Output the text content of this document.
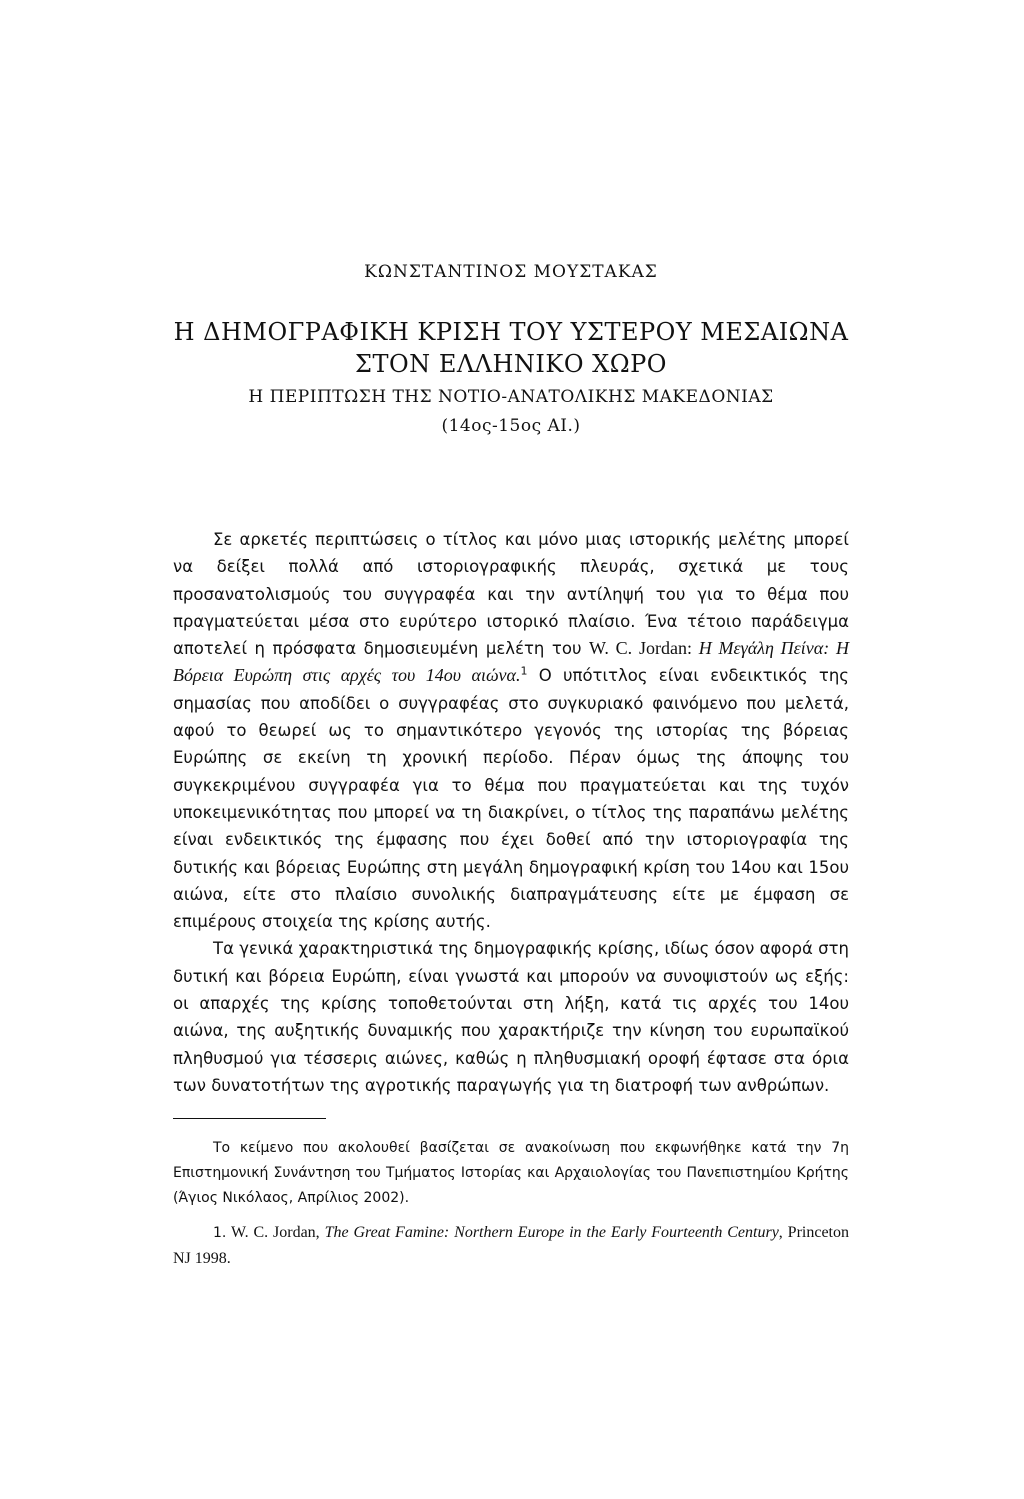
ΚΩΝΣΤΑΝΤΙΝΟΣ ΜΟΥΣΤΑΚΑΣ
Η ΔΗΜΟΓΡΑΦΙΚΗ ΚΡΙΣΗ ΤΟΥ ΥΣΤΕΡΟΥ ΜΕΣΑΙΩΝΑ
ΣΤΟΝ ΕΛΛΗΝΙΚΟ ΧΩΡΟ
Η ΠΕΡΙΠΤΩΣΗ ΤΗΣ ΝΟΤΙΟ-ΑΝΑΤΟΛΙΚΗΣ ΜΑΚΕΔΟΝΙΑΣ
(14ος-15ος ΑΙ.)

Σε αρκετές περιπτώσεις ο τίτλος και μόνο μιας ιστορικής μελέτης μπορεί να δείξει πολλά από ιστοριογραφικής πλευράς, σχετικά με τους προσανατολισμούς του συγγραφέα και την αντίληψή του για το θέμα που πραγματεύεται μέσα στο ευρύτερο ιστορικό πλαίσιο. Ένα τέτοιο παράδειγμα αποτελεί η πρόσφατα δημοσιευμένη μελέτη του W. C. Jordan: Η Μεγάλη Πείνα: Η Βόρεια Ευρώπη στις αρχές του 14ου αιώνα.$^1$ Ο υπότιτλος είναι ενδεικτικός της σημασίας που αποδίδει ο συγγραφέας στο συγκυριακό φαινόμενο που μελετά, αφού το θεωρεί ως το σημαντικότερο γεγονός της ιστορίας της βόρειας Ευρώπης σε εκείνη τη χρονική περίοδο. Πέραν όμως της άποψης του συγκεκριμένου συγγραφέα για το θέμα που πραγματεύεται και της τυχόν υποκειμενικότητας που μπορεί να τη διακρίνει, ο τίτλος της παραπάνω μελέτης είναι ενδεικτικός της έμφασης που έχει δοθεί από την ιστοριογραφία της δυτικής και βόρειας Ευρώπης στη μεγάλη δημογραφική κρίση του 14ου και 15ου αιώνα, είτε στο πλαίσιο συνολικής διαπραγμάτευσης είτε με έμφαση σε επιμέρους στοιχεία της κρίσης αυτής.

Τα γενικά χαρακτηριστικά της δημογραφικής κρίσης, ιδίως όσον αφορά στη δυτική και βόρεια Ευρώπη, είναι γνωστά και μπορούν να συνοψιστούν ως εξής: οι απαρχές της κρίσης τοποθετούνται στη λήξη, κατά τις αρχές του 14ου αιώνα, της αυξητικής δυναμικής που χαρακτήριζε την κίνηση του ευρωπαϊκού πληθυσμού για τέσσερις αιώνες, καθώς η πληθυσμιακή οροφή έφτασε στα όρια των δυνατοτήτων της αγροτικής παραγωγής για τη διατροφή των ανθρώπων.

Το κείμενο που ακολουθεί βασίζεται σε ανακοίνωση που εκφωνήθηκε κατά την 7η Επιστημονική Συνάντηση του Τμήματος Ιστορίας και Αρχαιολογίας του Πανεπιστημίου Κρήτης (Άγιος Νικόλαος, Απρίλιος 2002).

1. W. C. Jordan, The Great Famine: Northern Europe in the Early Fourteenth Century, Princeton NJ 1998.
